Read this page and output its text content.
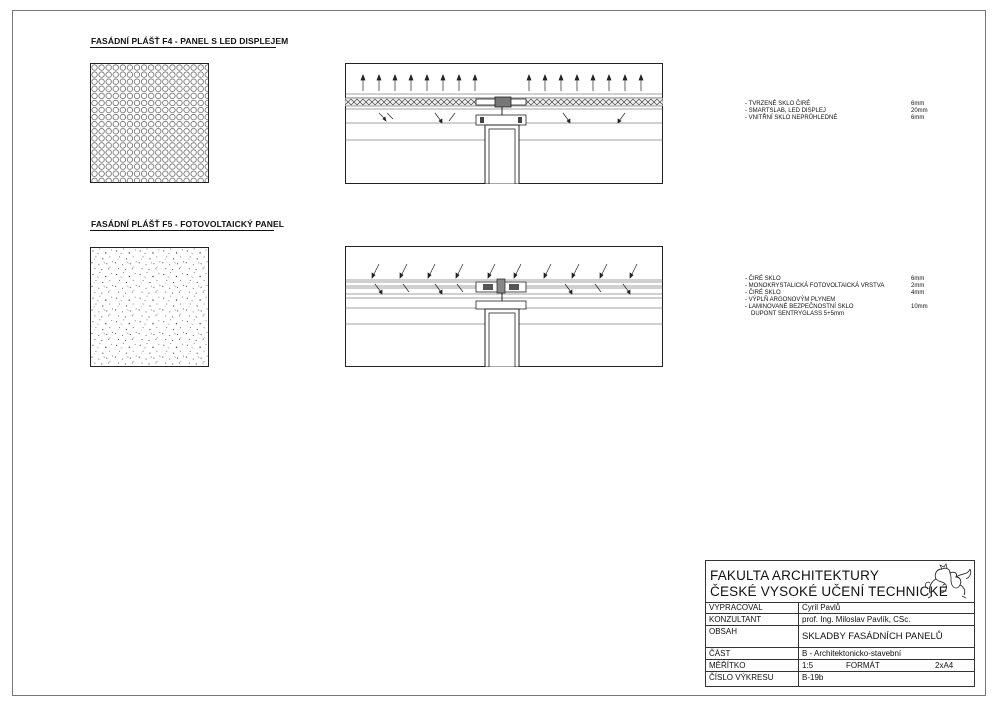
FASÁDNÍ PLÁŠŤ F4 - PANEL S LED DISPLEJEM
- TVRZENÉ SKLO ČIRÉ	6mm
- SMARTSLAB, LED DISPLEJ	20mm
- VNITŘNÍ SKLO NEPRŮHLEDNÉ	6mm
FASÁDNÍ PLÁŠŤ F5 - FOTOVOLTAICKÝ PANEL
- ČIRÉ SKLO	6mm
- MONOKRYSTALICKÁ FOTOVOLTAICKÁ VRSTVA	2mm
- ČIRÉ SKLO	4mm
- VÝPLŇ ARGONOVÝM PLYNEM
- LAMINOVANÉ BEZPEČNOSTNÍ SKLO	10mm
DUPONT SENTRYGLASS 5+5mm
FAKULTA ARCHITEKTURY
ČESKÉ VYSOKÉ UČENÍ TECHNICKÉ
VYPRACOVAL	Cyril Pavlů
KONZULTANT	prof. Ing. Miloslav Pavlík, CSc.
OBSAH	SKLADBY FASÁDNÍCH PANELŮ
ČÁST	B - Architektonicko-stavební
MĚŘÍTKO	1:5	FORMÁT	2xA4
ČÍSLO VÝKRESU	B-19b
